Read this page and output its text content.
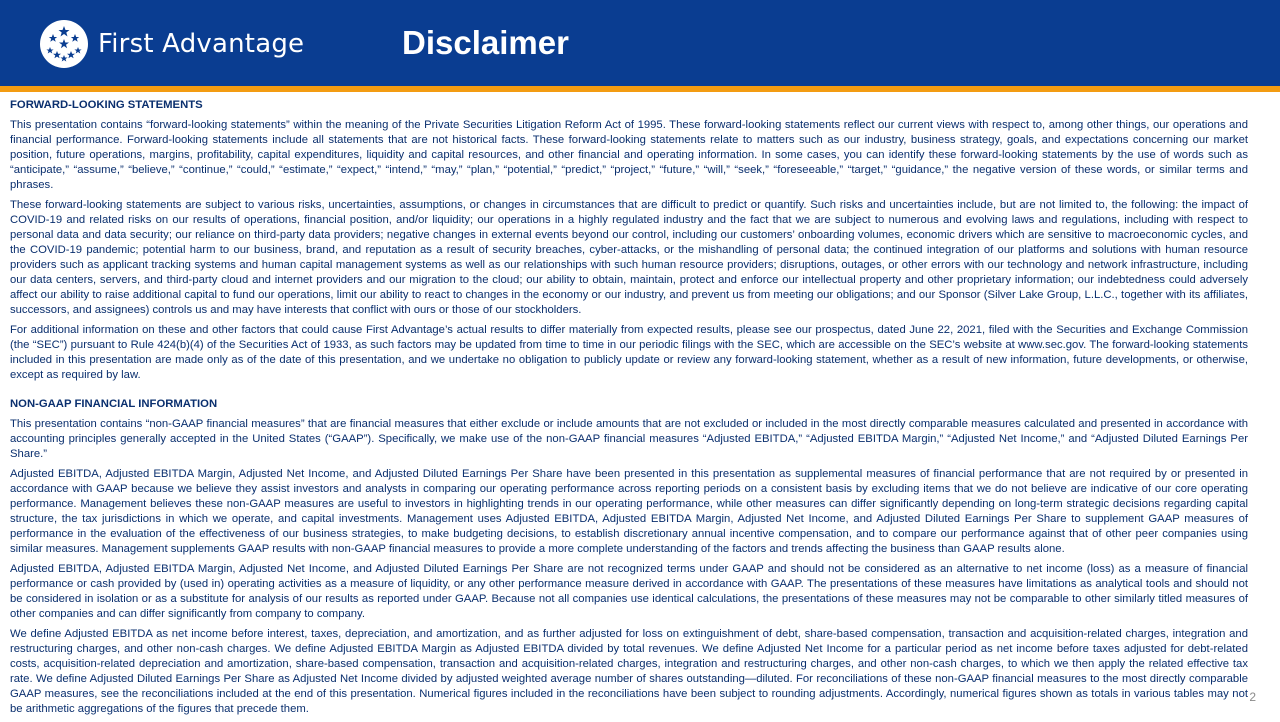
First Advantage	Disclaimer
FORWARD-LOOKING STATEMENTS

This presentation contains “forward-looking statements” within the meaning of the Private Securities Litigation Reform Act of 1995. These forward-looking statements reflect our current views with respect to, among other things, our operations and financial performance. Forward-looking statements include all statements that are not historical facts. These forward-looking statements relate to matters such as our industry, business strategy, goals, and expectations concerning our market position, future operations, margins, profitability, capital expenditures, liquidity and capital resources, and other financial and operating information. In some cases, you can identify these forward-looking statements by the use of words such as “anticipate,” “assume,” “believe,” “continue,” “could,” “estimate,” “expect,” “intend,” “may,” “plan,” “potential,” “predict,” “project,” “future,” “will,” “seek,” “foreseeable,” “target,” “guidance,” the negative version of these words, or similar terms and phrases.

These forward-looking statements are subject to various risks, uncertainties, assumptions, or changes in circumstances that are difficult to predict or quantify. Such risks and uncertainties include, but are not limited to, the following: the impact of COVID-19 and related risks on our results of operations, financial position, and/or liquidity; our operations in a highly regulated industry and the fact that we are subject to numerous and evolving laws and regulations, including with respect to personal data and data security; our reliance on third-party data providers; negative changes in external events beyond our control, including our customers’ onboarding volumes, economic drivers which are sensitive to macroeconomic cycles, and the COVID-19 pandemic; potential harm to our business, brand, and reputation as a result of security breaches, cyber-attacks, or the mishandling of personal data; the continued integration of our platforms and solutions with human resource providers such as applicant tracking systems and human capital management systems as well as our relationships with such human resource providers; disruptions, outages, or other errors with our technology and network infrastructure, including our data centers, servers, and third-party cloud and internet providers and our migration to the cloud; our ability to obtain, maintain, protect and enforce our intellectual property and other proprietary information; our indebtedness could adversely affect our ability to raise additional capital to fund our operations, limit our ability to react to changes in the economy or our industry, and prevent us from meeting our obligations; and our Sponsor (Silver Lake Group, L.L.C., together with its affiliates, successors, and assignees) controls us and may have interests that conflict with ours or those of our stockholders.

For additional information on these and other factors that could cause First Advantage’s actual results to differ materially from expected results, please see our prospectus, dated June 22, 2021, filed with the Securities and Exchange Commission (the “SEC”) pursuant to Rule 424(b)(4) of the Securities Act of 1933, as such factors may be updated from time to time in our periodic filings with the SEC, which are accessible on the SEC’s website at www.sec.gov. The forward-looking statements included in this presentation are made only as of the date of this presentation, and we undertake no obligation to publicly update or review any forward-looking statement, whether as a result of new information, future developments, or otherwise, except as required by law.

NON-GAAP FINANCIAL INFORMATION

This presentation contains “non-GAAP financial measures” that are financial measures that either exclude or include amounts that are not excluded or included in the most directly comparable measures calculated and presented in accordance with accounting principles generally accepted in the United States (“GAAP”). Specifically, we make use of the non-GAAP financial measures “Adjusted EBITDA,” “Adjusted EBITDA Margin,” “Adjusted Net Income,” and “Adjusted Diluted Earnings Per Share.”

Adjusted EBITDA, Adjusted EBITDA Margin, Adjusted Net Income, and Adjusted Diluted Earnings Per Share have been presented in this presentation as supplemental measures of financial performance that are not required by or presented in accordance with GAAP because we believe they assist investors and analysts in comparing our operating performance across reporting periods on a consistent basis by excluding items that we do not believe are indicative of our core operating performance. Management believes these non-GAAP measures are useful to investors in highlighting trends in our operating performance, while other measures can differ significantly depending on long-term strategic decisions regarding capital structure, the tax jurisdictions in which we operate, and capital investments. Management uses Adjusted EBITDA, Adjusted EBITDA Margin, Adjusted Net Income, and Adjusted Diluted Earnings Per Share to supplement GAAP measures of performance in the evaluation of the effectiveness of our business strategies, to make budgeting decisions, to establish discretionary annual incentive compensation, and to compare our performance against that of other peer companies using similar measures. Management supplements GAAP results with non-GAAP financial measures to provide a more complete understanding of the factors and trends affecting the business than GAAP results alone.

Adjusted EBITDA, Adjusted EBITDA Margin, Adjusted Net Income, and Adjusted Diluted Earnings Per Share are not recognized terms under GAAP and should not be considered as an alternative to net income (loss) as a measure of financial performance or cash provided by (used in) operating activities as a measure of liquidity, or any other performance measure derived in accordance with GAAP. The presentations of these measures have limitations as analytical tools and should not be considered in isolation or as a substitute for analysis of our results as reported under GAAP. Because not all companies use identical calculations, the presentations of these measures may not be comparable to other similarly titled measures of other companies and can differ significantly from company to company.

We define Adjusted EBITDA as net income before interest, taxes, depreciation, and amortization, and as further adjusted for loss on extinguishment of debt, share-based compensation, transaction and acquisition-related charges, integration and restructuring charges, and other non-cash charges. We define Adjusted EBITDA Margin as Adjusted EBITDA divided by total revenues. We define Adjusted Net Income for a particular period as net income before taxes adjusted for debt-related costs, acquisition-related depreciation and amortization, share-based compensation, transaction and acquisition-related charges, integration and restructuring charges, and other non-cash charges, to which we then apply the related effective tax rate. We define Adjusted Diluted Earnings Per Share as Adjusted Net Income divided by adjusted weighted average number of shares outstanding—diluted. For reconciliations of these non-GAAP financial measures to the most directly comparable GAAP measures, see the reconciliations included at the end of this presentation. Numerical figures included in the reconciliations have been subject to rounding adjustments. Accordingly, numerical figures shown as totals in various tables may not be arithmetic aggregations of the figures that precede them.

2
